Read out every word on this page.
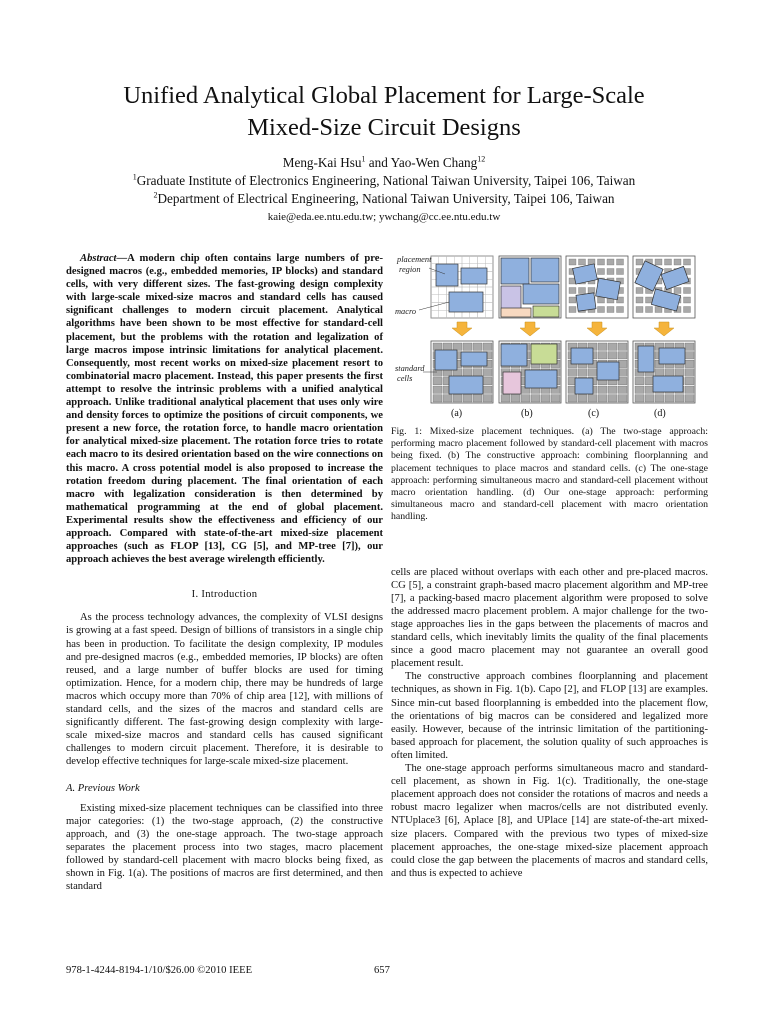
Unified Analytical Global Placement for Large-Scale
Mixed-Size Circuit Designs
Meng-Kai Hsu$^1$ and Yao-Wen Chang$^{12}$
$^1$Graduate Institute of Electronics Engineering, National Taiwan University, Taipei 106, Taiwan
$^2$Department of Electrical Engineering, National Taiwan University, Taipei 106, Taiwan
kaie@eda.ee.ntu.edu.tw; ywchang@cc.ee.ntu.edu.tw

Abstract—A modern chip often contains large numbers of pre-designed macros (e.g., embedded memories, IP blocks) and standard cells, with very different sizes. The fast-growing design complexity with large-scale mixed-size macros and standard cells has caused significant challenges to modern circuit placement. Analytical algorithms have been shown to be most effective for standard-cell placement, but the problems with the rotation and legalization of large macros impose intrinsic limitations for analytical placement. Consequently, most recent works on mixed-size placement resort to combinatorial macro placement. Instead, this paper presents the first attempt to resolve the intrinsic problems with a unified analytical approach. Unlike traditional analytical placement that uses only wire and density forces to optimize the positions of circuit components, we present a new force, the rotation force, to handle macro orientation for analytical mixed-size placement. The rotation force tries to rotate each macro to its desired orientation based on the wire connections on this macro. A cross potential model is also proposed to increase the rotation freedom during placement. The final orientation of each macro with legalization consideration is then determined by mathematical programming at the end of global placement. Experimental results show the effectiveness and efficiency of our approach. Compared with state-of-the-art mixed-size placement approaches (such as FLOP [13], CG [5], and MP-tree [7]), our approach achieves the best average wirelength efficiently.

I. Introduction

As the process technology advances, the complexity of VLSI designs is growing at a fast speed. Design of billions of transistors in a single chip has been in production. To facilitate the design complexity, IP modules and pre-designed macros (e.g., embedded memories, IP blocks) are often reused, and a large number of buffer blocks are used for timing optimization. Hence, for a modern chip, there may be hundreds of large macros which occupy more than 70% of chip area [12], with millions of standard cells, and the sizes of the macros and standard cells are significantly different. The fast-growing design complexity with large-scale mixed-size macros and standard cells has caused significant challenges to modern circuit placement. Therefore, it is desirable to develop effective techniques for large-scale mixed-size placement.

A. Previous Work

Existing mixed-size placement techniques can be classified into three major categories: (1) the two-stage approach, (2) the constructive approach, and (3) the one-stage approach. The two-stage approach separates the placement process into two stages, macro placement followed by standard-cell placement with macro blocks being fixed, as shown in Fig. 1(a). The positions of macros are first determined, and then standard

placement
region
macro
standard
cells
(a)	(b)	(c)	(d)
Fig. 1: Mixed-size placement techniques. (a) The two-stage approach: performing macro placement followed by standard-cell placement with macros being fixed. (b) The constructive approach: combining floorplanning and placement techniques to place macros and standard cells. (c) The one-stage approach: performing simultaneous macro and standard-cell placement without macro orientation handling. (d) Our one-stage approach: performing simultaneous macro and standard-cell placement with macro orientation handling.

cells are placed without overlaps with each other and pre-placed macros. CG [5], a constraint graph-based macro placement algorithm and MP-tree [7], a packing-based macro placement algorithm were proposed to solve the addressed macro placement problem. A major challenge for the two-stage approaches lies in the gaps between the placements of macros and standard cells, which inevitably limits the quality of the final placements since a good macro placement may not guarantee an overall good placement result.

The constructive approach combines floorplanning and placement techniques, as shown in Fig. 1(b). Capo [2], and FLOP [13] are examples. Since min-cut based floorplanning is embedded into the placement flow, the orientations of big macros can be considered and legalized more easily. However, because of the intrinsic limitation of the partitioning-based approach for placement, the solution quality of such approaches is often limited.

The one-stage approach performs simultaneous macro and standard-cell placement, as shown in Fig. 1(c). Traditionally, the one-stage placement approach does not consider the rotations of macros and needs a robust macro legalizer when macros/cells are not distributed evenly. NTUplace3 [6], Aplace [8], and UPlace [14] are state-of-the-art mixed-size placers. Compared with the previous two types of mixed-size placement approaches, the one-stage mixed-size placement approach could close the gap between the placements of macros and standard cells, and thus is expected to achieve

978-1-4244-8194-1/10/$26.00 ©2010 IEEE	657
